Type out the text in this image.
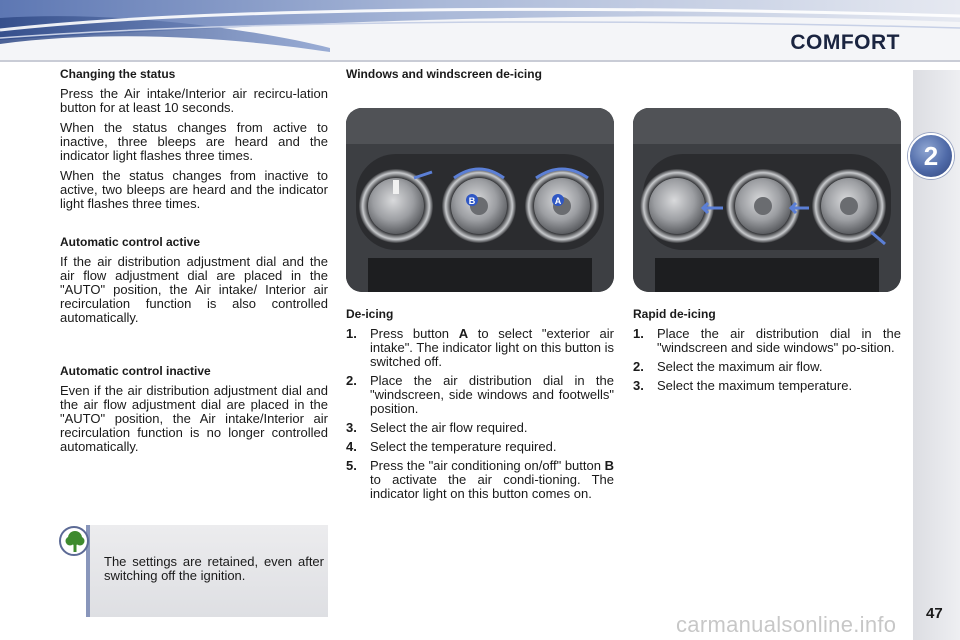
COMFORT
2
47
Changing the status

Press the Air intake/Interior air recircu-lation button for at least 10 seconds.

When the status changes from active to inactive, three bleeps are heard and the indicator light flashes three times.

When the status changes from inactive to active, two bleeps are heard and the indicator light flashes three times.

Automatic control active

If the air distribution adjustment dial and the air flow adjustment dial are placed in the "AUTO" position, the Air intake/ Interior air recirculation function is also controlled automatically.

Automatic control inactive

Even if the air distribution adjustment dial and the air flow adjustment dial are placed in the "AUTO" position, the Air intake/Interior air recirculation function is no longer controlled automatically.

The settings are retained, even after switching off the ignition.
Windows and windscreen de-icing
B	A
De-icing
1. Press button A to select "exterior air intake". The indicator light on this button is switched off.
2. Place the air distribution dial in the "windscreen, side windows and footwells" position.
3. Select the air flow required.
4. Select the temperature required.
5. Press the "air conditioning on/off" button B to activate the air condi-tioning. The indicator light on this button comes on.
Rapid de-icing
1. Place the air distribution dial in the "windscreen and side windows" po-sition.
2. Select the maximum air flow.
3. Select the maximum temperature.
carmanualsonline.info
